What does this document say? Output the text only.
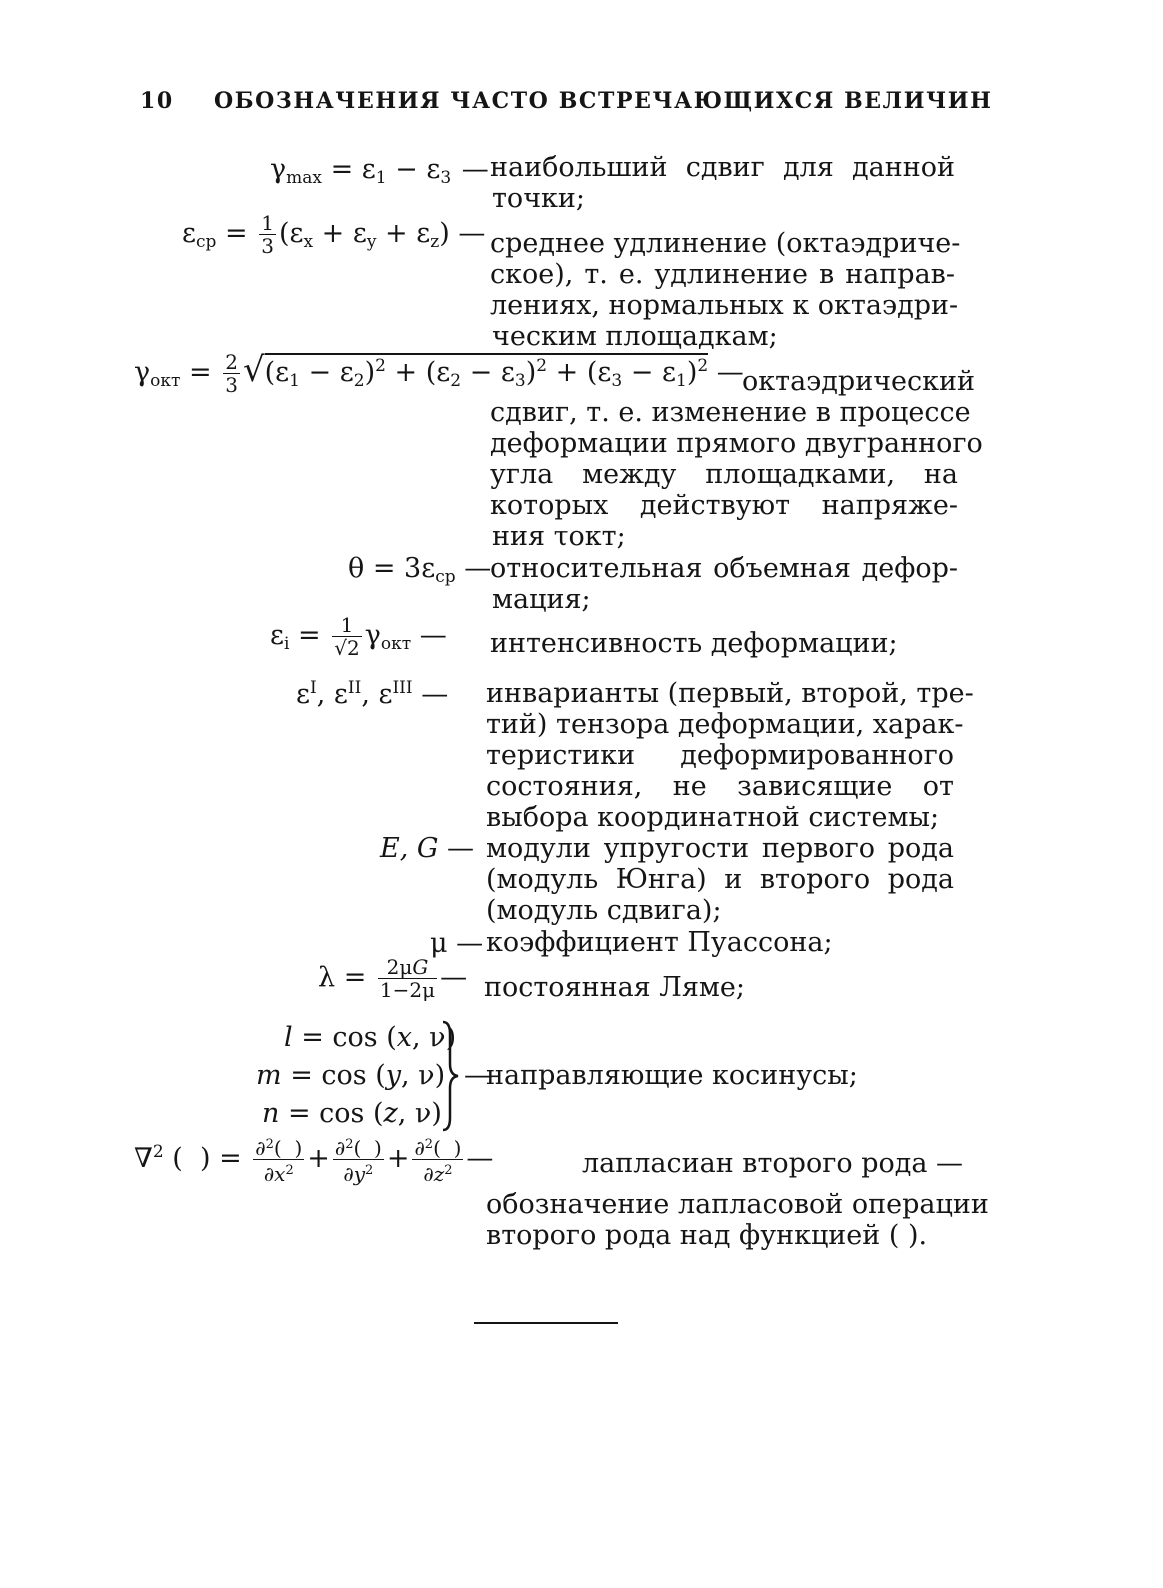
10 ОБОЗНАЧЕНИЯ ЧАСТО ВСТРЕЧАЮЩИХСЯ ВЕЛИЧИН
$\gamma_{max} = \varepsilon_1 - \varepsilon_3$ — наибольший сдвиг для данной
точки;
$\varepsilon_{ср} = \frac{1}{3} (\varepsilon_x + \varepsilon_y + \varepsilon_z)$ — среднее удлинение (октаэдриче-
ское), т. е. удлинение в направ-
лениях, нормальных к октаэдри-
ческим площадкам;
$\gamma_{окт} = \frac{2}{3} √(\varepsilon_1 - \varepsilon_2)^2 + (\varepsilon_2 - \varepsilon_3)^2 + (\varepsilon_3 - \varepsilon_1)^2$ —
октаэдрический
сдвиг, т. е. изменение в процессе
деформации прямого двугранного
угла между площадками, на
которых действуют напряже-
ния τокт;
$\theta = 3\varepsilon_{ср}$ —
относительная объемная дефор-
мация;
$\varepsilon_i = \frac{1}{√2} \gamma_{окт}$ — интенсивность деформации;
$\varepsilon^I$, $\varepsilon^{II}$, $\varepsilon^{III}$ — инварианты (первый, второй, тре-
тий) тензора деформации, харак-
теристики деформированного
состояния, не зависящие от
выбора координатной системы;
E, G — модули упругости первого рода
(модуль Юнга) и второго рода
(модуль сдвига);
μ — коэффициент Пуассона;
$\lambda = \frac{2\mu G}{1-2\mu}$ — постоянная Ляме;
l = cos (x, ν)
m = cos (y, ν)
n = cos (z, ν)
—
направляющие косинусы;
∇$^2$ (  ) = $\frac{\partial^2( )}{\partial x^2} + \frac{\partial^2( )}{\partial y^2} + \frac{\partial^2( )}{\partial z^2}$ —	лапласиан второго рода —
обозначение лапласовой операции
второго рода над функцией ( ).
